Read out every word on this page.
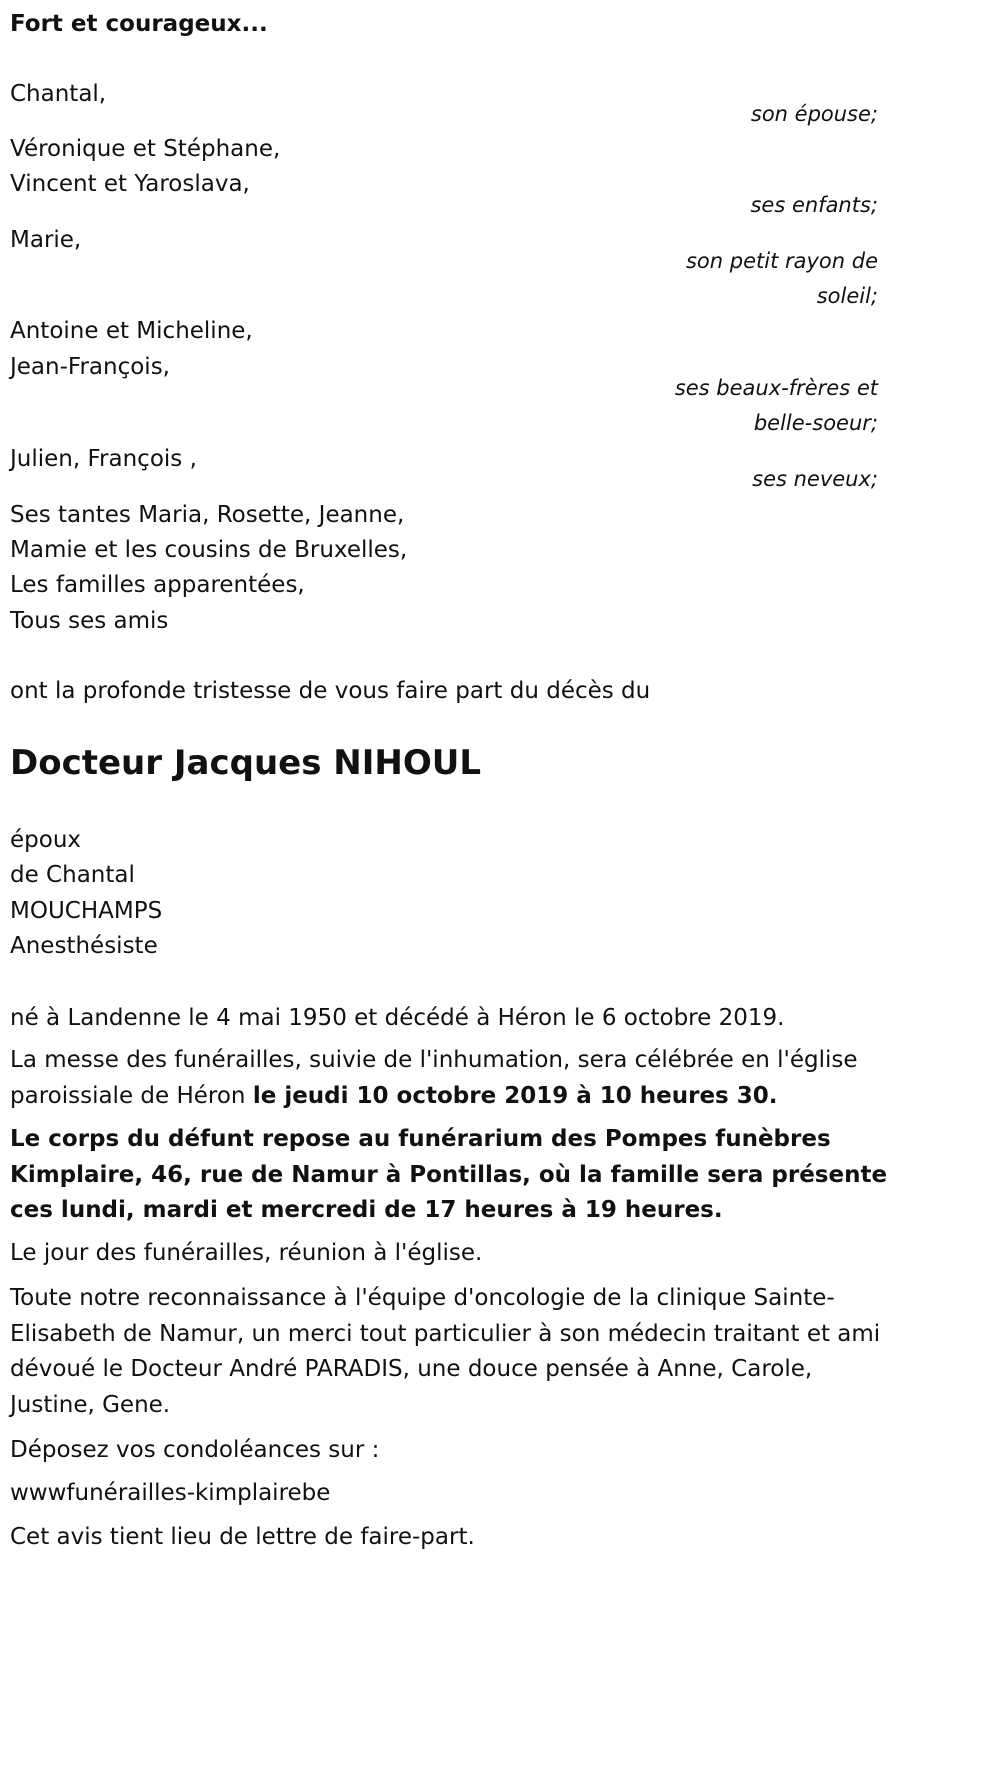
Fort et courageux...
Chantal,
son épouse;
Véronique et Stéphane,
Vincent et Yaroslava,
ses enfants;
Marie,
son petit rayon de
soleil;
Antoine et Micheline,
Jean-François,
ses beaux-frères et
belle-soeur;
Julien, François ,
ses neveux;
Ses tantes Maria, Rosette, Jeanne,
Mamie et les cousins de Bruxelles,
Les familles apparentées,
Tous ses amis
ont la profonde tristesse de vous faire part du décès du
Docteur Jacques NIHOUL
époux
de Chantal
MOUCHAMPS
Anesthésiste
né à Landenne le 4 mai 1950 et décédé à Héron le 6 octobre 2019.
La messe des funérailles, suivie de l'inhumation, sera célébrée en l'église paroissiale de Héron le jeudi 10 octobre 2019 à 10 heures 30.
Le corps du défunt repose au funérarium des Pompes funèbres Kimplaire, 46, rue de Namur à Pontillas, où la famille sera présente ces lundi, mardi et mercredi de 17 heures à 19 heures.
Le jour des funérailles, réunion à l'église.
Toute notre reconnaissance à l'équipe d'oncologie de la clinique Sainte-Elisabeth de Namur, un merci tout particulier à son médecin traitant et ami dévoué le Docteur André PARADIS, une douce pensée à Anne, Carole, Justine, Gene.
Déposez vos condoléances sur :
wwwfunérailles-kimplairebe
Cet avis tient lieu de lettre de faire-part.
